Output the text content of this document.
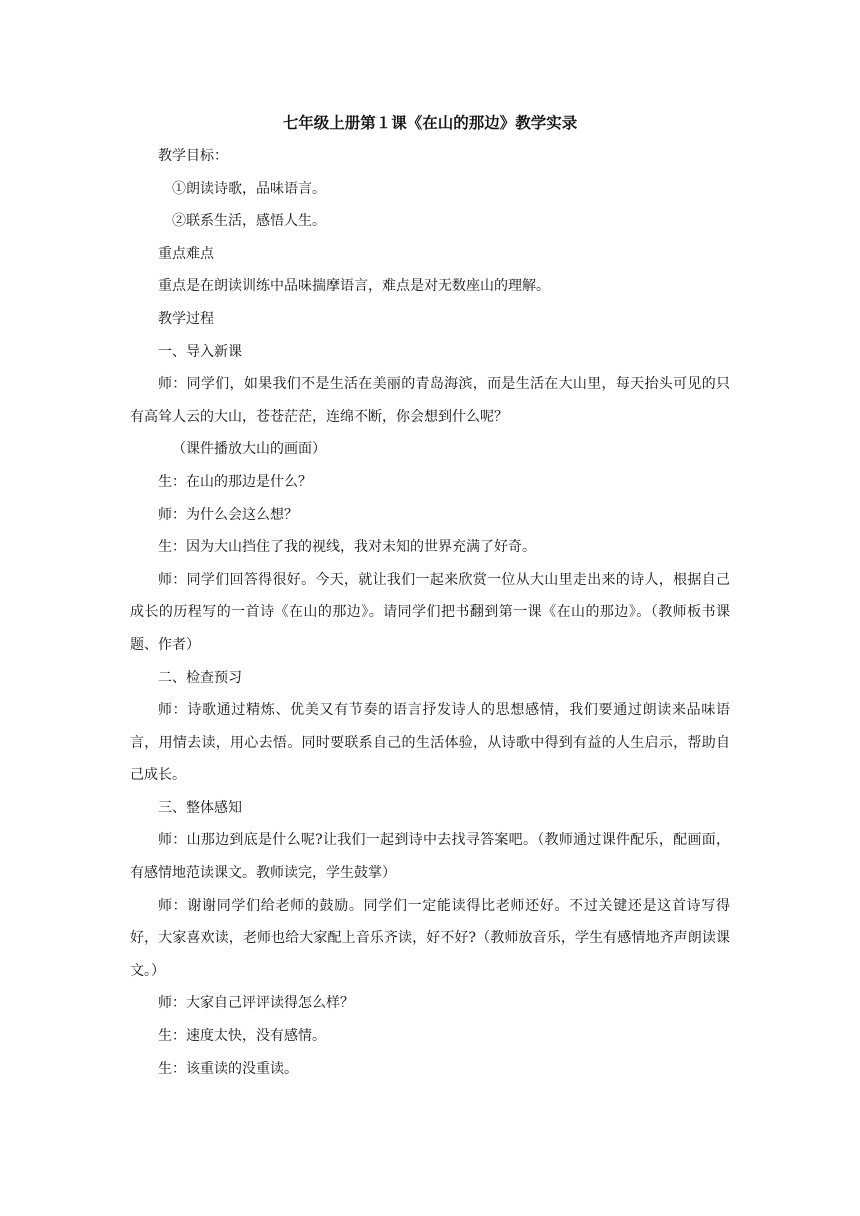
七年级上册第１课《在山的那边》教学实录

教学目标：

①朗读诗歌，品味语言。

②联系生活，感悟人生。

重点难点

重点是在朗读训练中品味揣摩语言，难点是对无数座山的理解。

教学过程

一、导入新课

师：同学们，如果我们不是生活在美丽的青岛海滨，而是生活在大山里，每天抬头可见的只有高耸人云的大山，苍苍茫茫，连绵不断，你会想到什么呢？

（课件播放大山的画面）

生：在山的那边是什么？

师：为什么会这么想？

生：因为大山挡住了我的视线，我对未知的世界充满了好奇。

师：同学们回答得很好。今天，就让我们一起来欣赏一位从大山里走出来的诗人，根据自己成长的历程写的一首诗《在山的那边》。请同学们把书翻到第一课《在山的那边》。（教师板书课题、作者）

二、检查预习

师：诗歌通过精炼、优美又有节奏的语言抒发诗人的思想感情，我们要通过朗读来品味语言，用情去读，用心去悟。同时要联系自己的生活体验，从诗歌中得到有益的人生启示，帮助自己成长。

三、整体感知

师：山那边到底是什么呢?让我们一起到诗中去找寻答案吧。（教师通过课件配乐，配画面，有感情地范读课文。教师读完，学生鼓掌）

师：谢谢同学们给老师的鼓励。同学们一定能读得比老师还好。不过关键还是这首诗写得好，大家喜欢读，老师也给大家配上音乐齐读，好不好?（教师放音乐，学生有感情地齐声朗读课文。）

师：大家自己评评读得怎么样？

生：速度太快，没有感情。

生：该重读的没重读。
